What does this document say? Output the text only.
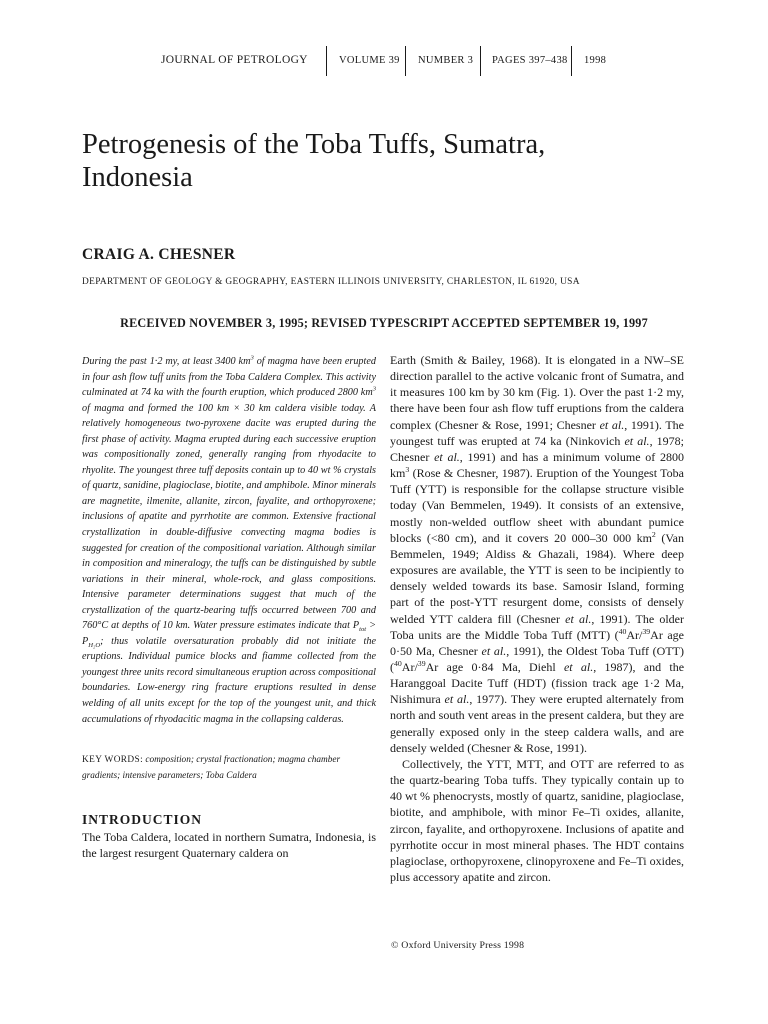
JOURNAL OF PETROLOGY	VOLUME 39 NUMBER 3 PAGES 397–438 1998
Petrogenesis of the Toba Tuffs, Sumatra, Indonesia
CRAIG A. CHESNER
DEPARTMENT OF GEOLOGY & GEOGRAPHY, EASTERN ILLINOIS UNIVERSITY, CHARLESTON, IL 61920, USA
RECEIVED NOVEMBER 3, 1995; REVISED TYPESCRIPT ACCEPTED SEPTEMBER 19, 1997

During the past 1·2 my, at least 3400 $km^3$ of magma have been erupted in four ash flow tuff units from the Toba Caldera Complex. This activity culminated at 74 ka with the fourth eruption, which produced 2800 $km^3$ of magma and formed the 100 km × 30 km caldera visible today. A relatively homogeneous two-pyroxene dacite was erupted during the first phase of activity. Magma erupted during each successive eruption was compositionally zoned, generally ranging from rhyodacite to rhyolite. The youngest three tuff deposits contain up to 40 wt % crystals of quartz, sanidine, plagioclase, biotite, and amphibole. Minor minerals are magnetite, ilmenite, allanite, zircon, fayalite, and orthopyroxene; inclusions of apatite and pyrrhotite are common. Extensive fractional crystallization in double-diffusive convecting magma bodies is suggested for creation of the compositional variation. Although similar in composition and mineralogy, the tuffs can be distinguished by subtle variations in their mineral, whole-rock, and glass compositions. Intensive parameter determinations suggest that much of the crystallization of the quartz-bearing tuffs occurred between 700 and 760°C at depths of 10 km. Water pressure estimates indicate that $P_{tot} > P_{H_2O}$; thus volatile oversaturation probably did not initiate the eruptions. Individual pumice blocks and fiamme collected from the youngest three units record simultaneous eruption across compositional boundaries. Low-energy ring fracture eruptions resulted in dense welding of all units except for the top of the youngest unit, and thick accumulations of rhyodacitic magma in the collapsing calderas.

KEY WORDS: composition; crystal fractionation; magma chamber gradients; intensive parameters; Toba Caldera

INTRODUCTION

The Toba Caldera, located in northern Sumatra, Indonesia, is the largest resurgent Quaternary caldera on

Earth (Smith & Bailey, 1968). It is elongated in a NW–SE direction parallel to the active volcanic front of Sumatra, and it measures 100 km by 30 km (Fig. 1). Over the past 1·2 my, there have been four ash flow tuff eruptions from the caldera complex (Chesner & Rose, 1991; Chesner et al., 1991). The youngest tuff was erupted at 74 ka (Ninkovich et al., 1978; Chesner et al., 1991) and has a minimum volume of 2800 $km^3$ (Rose & Chesner, 1987). Eruption of the Youngest Toba Tuff (YTT) is responsible for the collapse structure visible today (Van Bemmelen, 1949). It consists of an extensive, mostly non-welded outflow sheet with abundant pumice blocks (<80 cm), and it covers 20 000–30 000 $km^2$ (Van Bemmelen, 1949; Aldiss & Ghazali, 1984). Where deep exposures are available, the YTT is seen to be incipiently to densely welded towards its base. Samosir Island, forming part of the post-YTT resurgent dome, consists of densely welded YTT caldera fill (Chesner et al., 1991). The older Toba units are the Middle Toba Tuff (MTT) ($^{40}$Ar/$^{39}$Ar age 0·50 Ma, Chesner et al., 1991), the Oldest Toba Tuff (OTT) ($^{40}$Ar/$^{39}$Ar age 0·84 Ma, Diehl et al., 1987), and the Haranggoal Dacite Tuff (HDT) (fission track age 1·2 Ma, Nishimura et al., 1977). They were erupted alternately from north and south vent areas in the present caldera, but they are generally exposed only in the steep caldera walls, and are densely welded (Chesner & Rose, 1991).

Collectively, the YTT, MTT, and OTT are referred to as the quartz-bearing Toba tuffs. They typically contain up to 40 wt % phenocrysts, mostly of quartz, sanidine, plagioclase, biotite, and amphibole, with minor Fe–Ti oxides, allanite, zircon, fayalite, and orthopyroxene. Inclusions of apatite and pyrrhotite occur in most mineral phases. The HDT contains plagioclase, orthopyroxene, clinopyroxene and Fe–Ti oxides, plus accessory apatite and zircon.

© Oxford University Press 1998
